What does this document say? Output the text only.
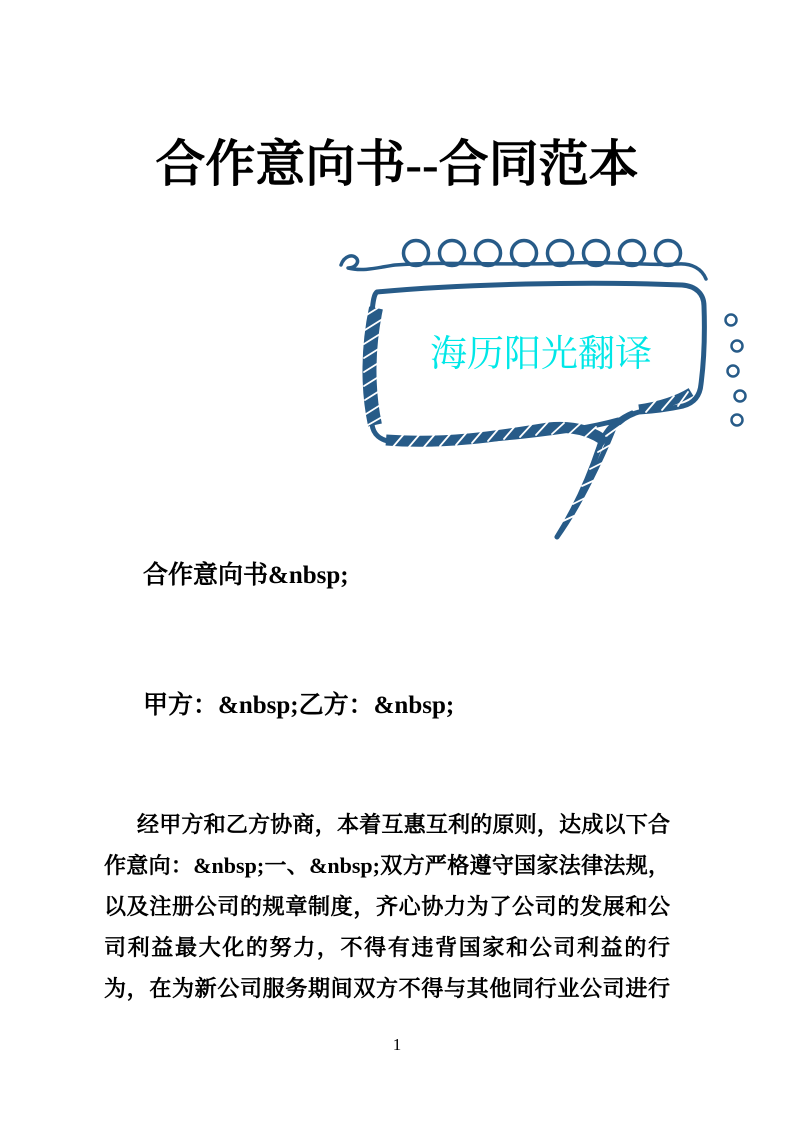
合作意向书--合同范本
海历阳光翻译
合作意向书&nbsp;
甲方：&nbsp;乙方：&nbsp;
经甲方和乙方协商，本着互惠互利的原则，达成以下合
作意向：&nbsp;一、&nbsp;双方严格遵守国家法律法规，
以及注册公司的规章制度，齐心协力为了公司的发展和公
司利益最大化的努力，不得有违背国家和公司利益的行
为，在为新公司服务期间双方不得与其他同行业公司进行
1
